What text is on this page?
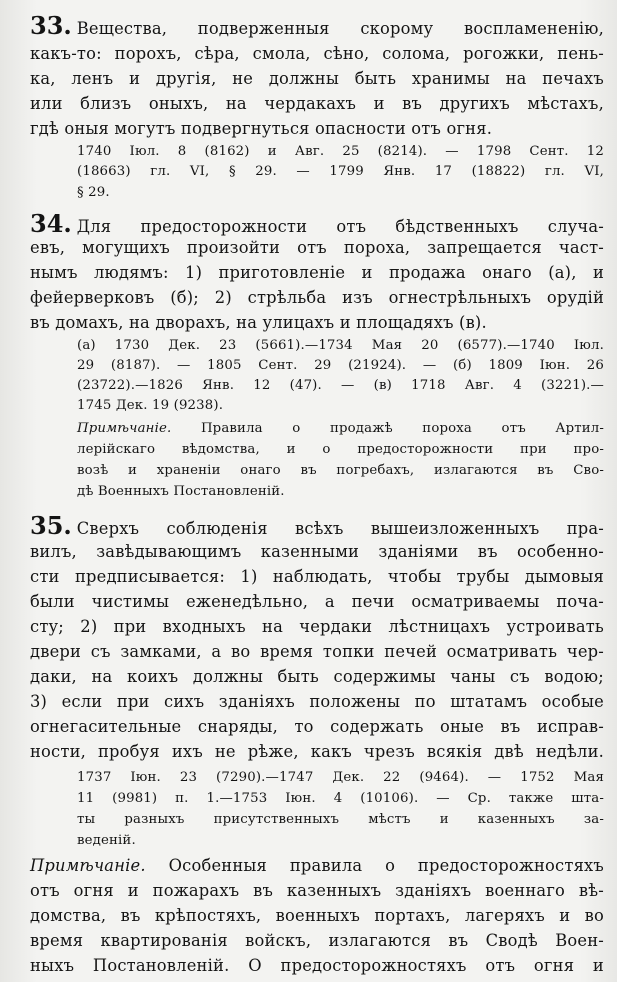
33. Вещества, подверженныя скорому воспламененію,
какъ-то: порохъ, сѣра, смола, сѣно, солома, рогожки, пень-
ка, ленъ и другія, не должны быть хранимы на печахъ
или близъ оныхъ, на чердакахъ и въ другихъ мѣстахъ,
гдѣ оныя могутъ подвергнуться опасности отъ огня.
1740 Іюл. 8 (8162) и Авг. 25 (8214). — 1798 Сент. 12
(18663) гл. VI, § 29. — 1799 Янв. 17 (18822) гл. VI,
§ 29.
34. Для предосторожности отъ бѣдственныхъ случа-
евъ, могущихъ произойти отъ пороха, запрещается част-
нымъ людямъ: 1) приготовленіе и продажа онаго (а), и
фейерверковъ (б); 2) стрѣльба изъ огнестрѣльныхъ орудій
въ домахъ, на дворахъ, на улицахъ и площадяхъ (в).
(а) 1730 Дек. 23 (5661).—1734 Мая 20 (6577).—1740 Іюл.
29 (8187). — 1805 Сент. 29 (21924). — (б) 1809 Іюн. 26
(23722).—1826 Янв. 12 (47). — (в) 1718 Авг. 4 (3221).—
1745 Дек. 19 (9238).
Примѣчаніе. Правила о продажѣ пороха отъ Артил-
лерійскаго вѣдомства, и о предосторожности при про-
возѣ и храненіи онаго въ погребахъ, излагаются въ Сво-
дѣ Военныхъ Постановленій.
35. Сверхъ соблюденія всѣхъ вышеизложенныхъ пра-
вилъ, завѣдывающимъ казенными зданіями въ особенно-
сти предписывается: 1) наблюдать, чтобы трубы дымовыя
были чистимы еженедѣльно, а печи осматриваемы поча-
сту; 2) при входныхъ на чердаки лѣстницахъ устроивать
двери съ замками, а во время топки печей осматривать чер-
даки, на коихъ должны быть содержимы чаны съ водою;
3) если при сихъ зданіяхъ положены по штатамъ особые
огнегасительные снаряды, то содержать оные въ исправ-
ности, пробуя ихъ не рѣже, какъ чрезъ всякія двѣ недѣли.
1737 Іюн. 23 (7290).—1747 Дек. 22 (9464). — 1752 Мая
11 (9981) п. 1.—1753 Іюн. 4 (10106). — Ср. также шта-
ты разныхъ присутственныхъ мѣстъ и казенныхъ за-
веденій.
Примѣчаніе. Особенныя правила о предосторожностяхъ
отъ огня и пожарахъ въ казенныхъ зданіяхъ военнаго вѣ-
домства, въ крѣпостяхъ, военныхъ портахъ, лагеряхъ и во
время квартированія войскъ, излагаются въ Сводѣ Воен-
ныхъ Постановленій. О предосторожностяхъ отъ огня и
